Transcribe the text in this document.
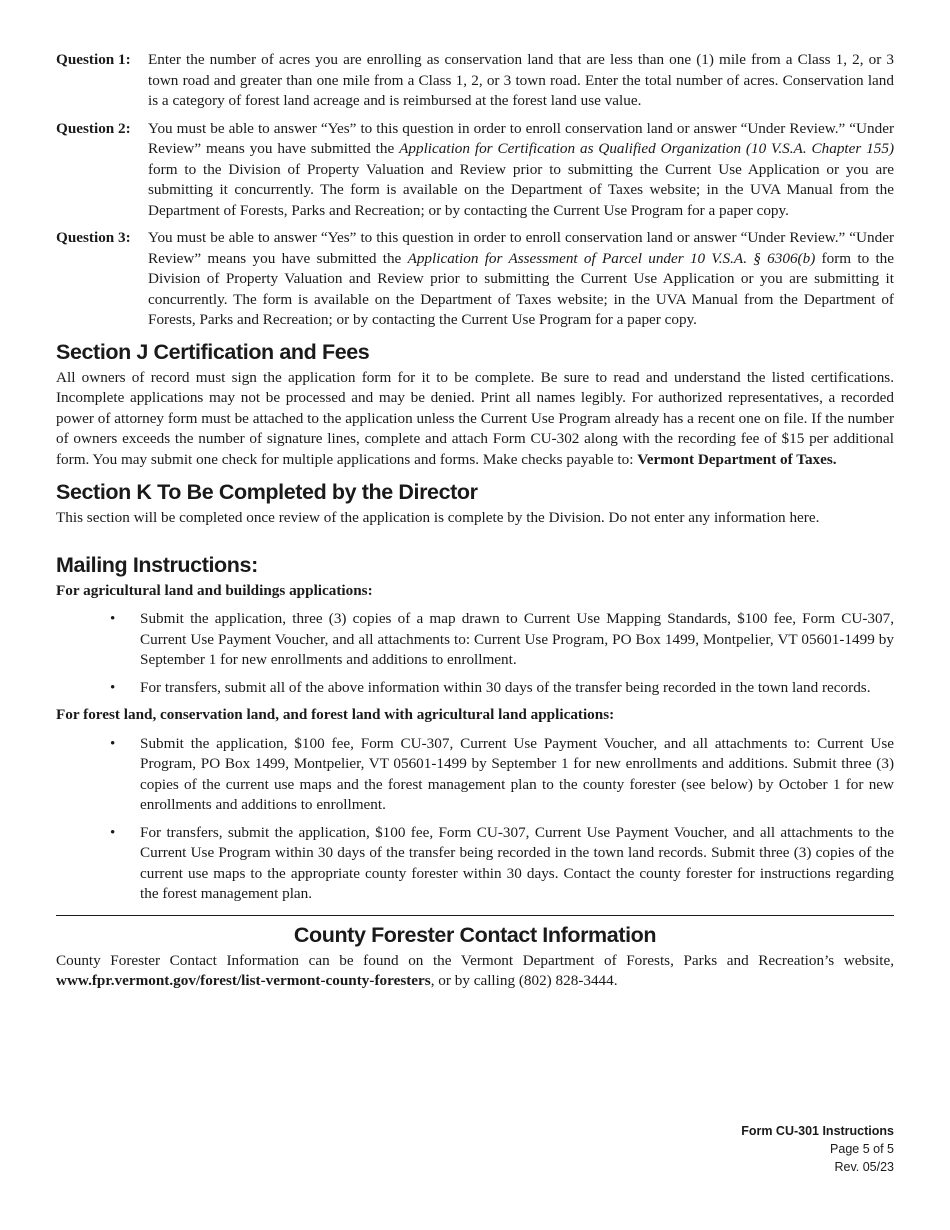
Question 1:	Enter the number of acres you are enrolling as conservation land that are less than one (1) mile from a Class 1, 2, or 3 town road and greater than one mile from a Class 1, 2, or 3 town road. Enter the total number of acres. Conservation land is a category of forest land acreage and is reimbursed at the forest land use value.
Question 2:	You must be able to answer “Yes” to this question in order to enroll conservation land or answer “Under Review.” “Under Review” means you have submitted the Application for Certification as Qualified Organization (10 V.S.A. Chapter 155) form to the Division of Property Valuation and Review prior to submitting the Current Use Application or you are submitting it concurrently. The form is available on the Department of Taxes website; in the UVA Manual from the Department of Forests, Parks and Recreation; or by contacting the Current Use Program for a paper copy.
Question 3:	You must be able to answer “Yes” to this question in order to enroll conservation land or answer “Under Review.” “Under Review” means you have submitted the Application for Assessment of Parcel under 10 V.S.A. § 6306(b) form to the Division of Property Valuation and Review prior to submitting the Current Use Application or you are submitting it concurrently. The form is available on the Department of Taxes website; in the UVA Manual from the Department of Forests, Parks and Recreation; or by contacting the Current Use Program for a paper copy.
Section J Certification and Fees

All owners of record must sign the application form for it to be complete. Be sure to read and understand the listed certifications. Incomplete applications may not be processed and may be denied. Print all names legibly. For authorized representatives, a recorded power of attorney form must be attached to the application unless the Current Use Program already has a recent one on file. If the number of owners exceeds the number of signature lines, complete and attach Form CU-302 along with the recording fee of $15 per additional form. You may submit one check for multiple applications and forms. Make checks payable to: Vermont Department of Taxes.

Section K To Be Completed by the Director

This section will be completed once review of the application is complete by the Division. Do not enter any information here.

Mailing Instructions:

For agricultural land and buildings applications:

• Submit the application, three (3) copies of a map drawn to Current Use Mapping Standards, $100 fee, Form CU-307, Current Use Payment Voucher, and all attachments to: Current Use Program, PO Box 1499, Montpelier, VT 05601-1499 by September 1 for new enrollments and additions to enrollment.
• For transfers, submit all of the above information within 30 days of the transfer being recorded in the town land records.

For forest land, conservation land, and forest land with agricultural land applications:

• Submit the application, $100 fee, Form CU-307, Current Use Payment Voucher, and all attachments to: Current Use Program, PO Box 1499, Montpelier, VT 05601-1499 by September 1 for new enrollments and additions. Submit three (3) copies of the current use maps and the forest management plan to the county forester (see below) by October 1 for new enrollments and additions to enrollment.
• For transfers, submit the application, $100 fee, Form CU-307, Current Use Payment Voucher, and all attachments to the Current Use Program within 30 days of the transfer being recorded in the town land records. Submit three (3) copies of the current use maps to the appropriate county forester within 30 days. Contact the county forester for instructions regarding the forest management plan.
County Forester Contact Information

County Forester Contact Information can be found on the Vermont Department of Forests, Parks and Recreation’s website, www.fpr.vermont.gov/forest/list-vermont-county-foresters, or by calling (802) 828-3444.

Form CU-301 Instructions
Page 5 of 5
Rev. 05/23
